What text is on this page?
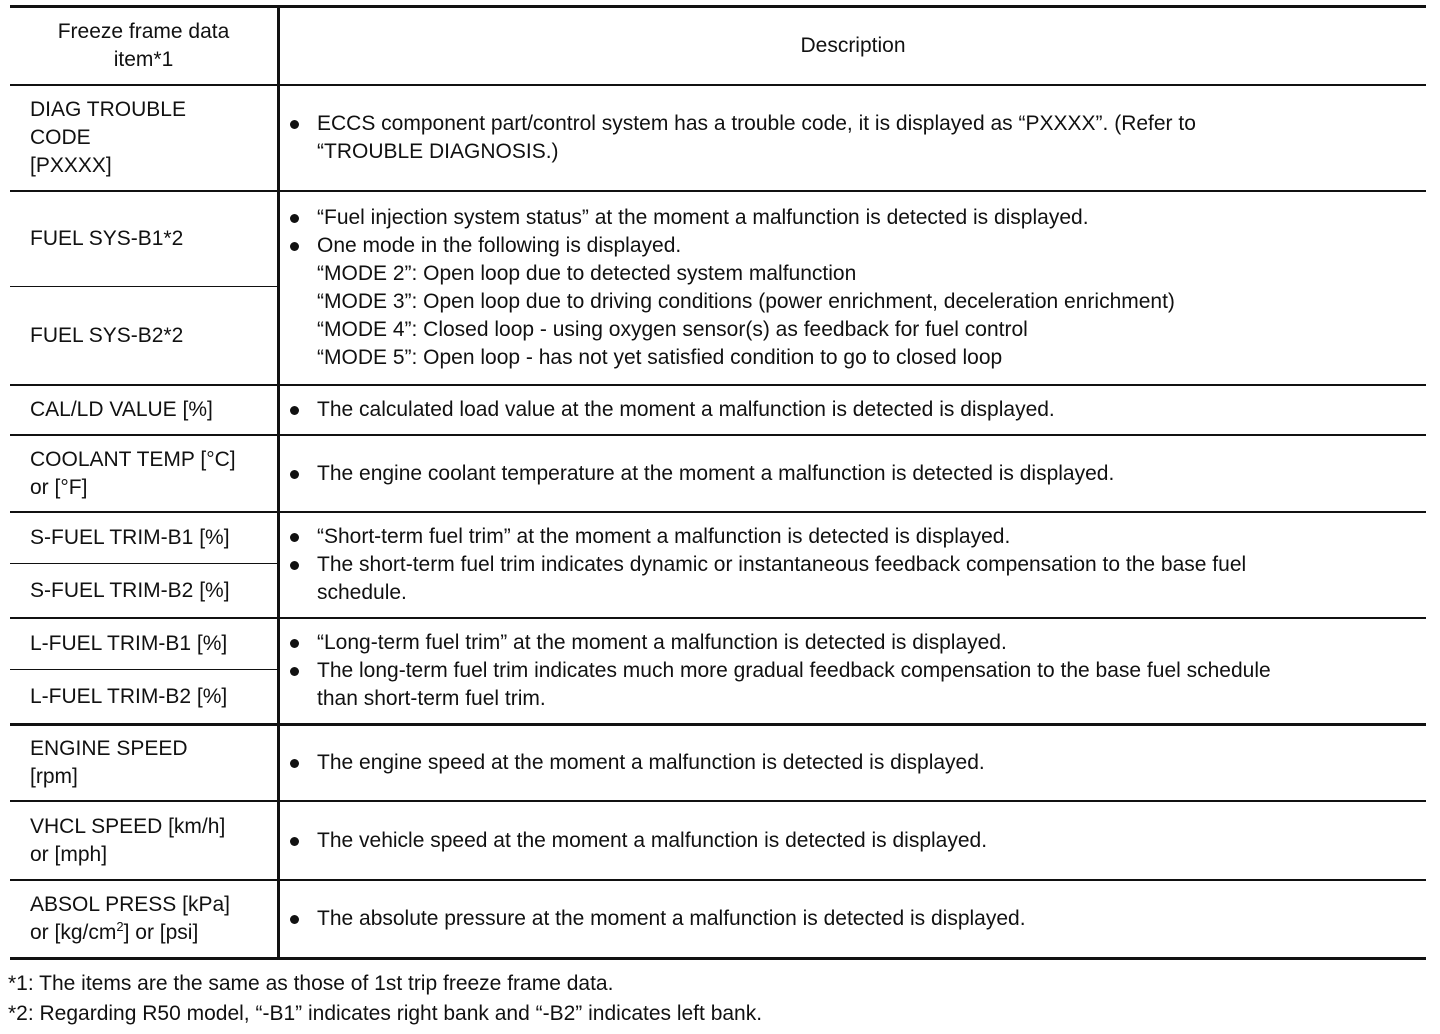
Freeze frame data
item*1
Description
DIAG TROUBLE
CODE
[PXXXX]
ECCS component part/control system has a trouble code, it is displayed as “PXXXX”. (Refer to
“TROUBLE DIAGNOSIS.)
FUEL SYS-B1*2
FUEL SYS-B2*2
“Fuel injection system status” at the moment a malfunction is detected is displayed.
One mode in the following is displayed.
“MODE 2”: Open loop due to detected system malfunction
“MODE 3”: Open loop due to driving conditions (power enrichment, deceleration enrichment)
“MODE 4”: Closed loop - using oxygen sensor(s) as feedback for fuel control
“MODE 5”: Open loop - has not yet satisfied condition to go to closed loop
CAL/LD VALUE [%]	The calculated load value at the moment a malfunction is detected is displayed.
COOLANT TEMP [°C]
or [°F]
The engine coolant temperature at the moment a malfunction is detected is displayed.
S-FUEL TRIM-B1 [%]
S-FUEL TRIM-B2 [%]
“Short-term fuel trim” at the moment a malfunction is detected is displayed.
The short-term fuel trim indicates dynamic or instantaneous feedback compensation to the base fuel
schedule.
L-FUEL TRIM-B1 [%]
L-FUEL TRIM-B2 [%]
“Long-term fuel trim” at the moment a malfunction is detected is displayed.
The long-term fuel trim indicates much more gradual feedback compensation to the base fuel schedule
than short-term fuel trim.
ENGINE SPEED
[rpm]
The engine speed at the moment a malfunction is detected is displayed.
VHCL SPEED [km/h]
or [mph]
The vehicle speed at the moment a malfunction is detected is displayed.
ABSOL PRESS [kPa]
or $[kg/cm^2]$ or [psi]
The absolute pressure at the moment a malfunction is detected is displayed.
*1: The items are the same as those of 1st trip freeze frame data.
*2: Regarding R50 model, “-B1” indicates right bank and “-B2” indicates left bank.
